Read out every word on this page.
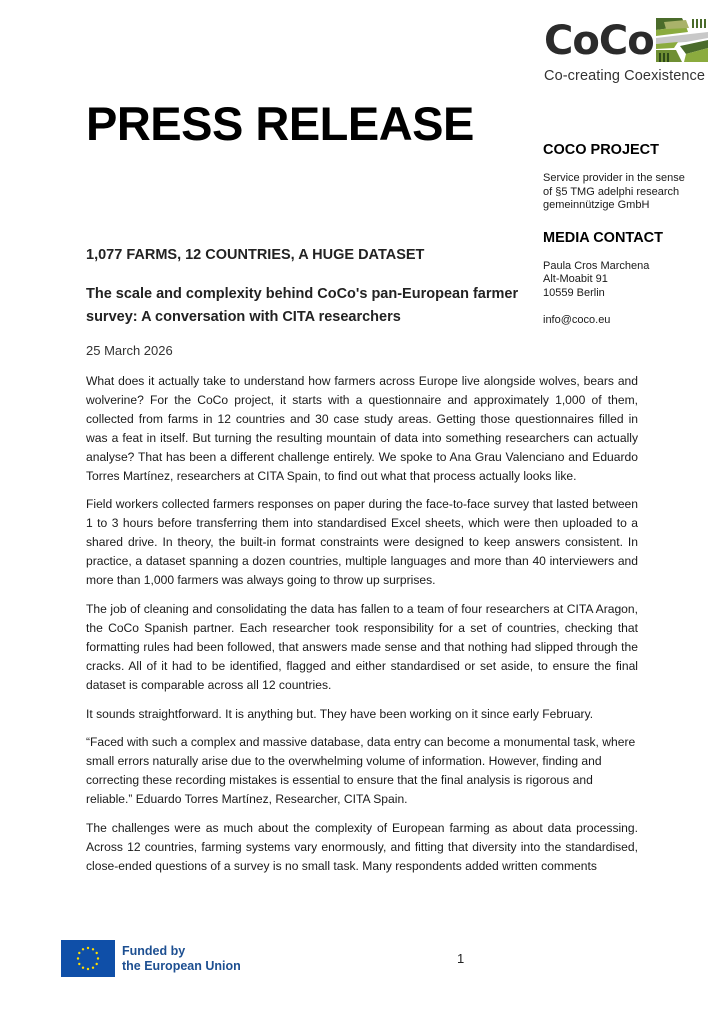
CoCo
Co-creating Coexistence
PRESS RELEASE	COCO PROJECT

Service provider in the sense
of §5 TMG adelphi research
gemeinnützige GmbH

MEDIA CONTACT

Paula Cros Marchena
Alt-Moabit 91
10559 Berlin

info@coco.eu

1,077 FARMS, 12 COUNTRIES, A HUGE DATASET
The scale and complexity behind CoCo's pan-European farmer survey: A conversation with CITA researchers
25 March 2026

What does it actually take to understand how farmers across Europe live alongside wolves, bears and wolverine? For the CoCo project, it starts with a questionnaire and approximately 1,000 of them, collected from farms in 12 countries and 30 case study areas. Getting those questionnaires filled in was a feat in itself. But turning the resulting mountain of data into something researchers can actually analyse? That has been a different challenge entirely. We spoke to Ana Grau Valenciano and Eduardo Torres Martínez, researchers at CITA Spain, to find out what that process actually looks like.

Field workers collected farmers responses on paper during the face-to-face survey that lasted between 1 to 3 hours before transferring them into standardised Excel sheets, which were then uploaded to a shared drive. In theory, the built-in format constraints were designed to keep answers consistent. In practice, a dataset spanning a dozen countries, multiple languages and more than 40 interviewers and more than 1,000 farmers was always going to throw up surprises.

The job of cleaning and consolidating the data has fallen to a team of four researchers at CITA Aragon, the CoCo Spanish partner. Each researcher took responsibility for a set of countries, checking that formatting rules had been followed, that answers made sense and that nothing had slipped through the cracks. All of it had to be identified, flagged and either standardised or set aside, to ensure the final dataset is comparable across all 12 countries.

It sounds straightforward. It is anything but. They have been working on it since early February.

“Faced with such a complex and massive database, data entry can become a monumental task, where small errors naturally arise due to the overwhelming volume of information. However, finding and correcting these recording mistakes is essential to ensure that the final analysis is rigorous and reliable.” Eduardo Torres Martínez, Researcher, CITA Spain.

The challenges were as much about the complexity of European farming as about data processing. Across 12 countries, farming systems vary enormously, and fitting that diversity into the standardised, close-ended questions of a survey is no small task. Many respondents added written comments

Funded by
the European Union	1
